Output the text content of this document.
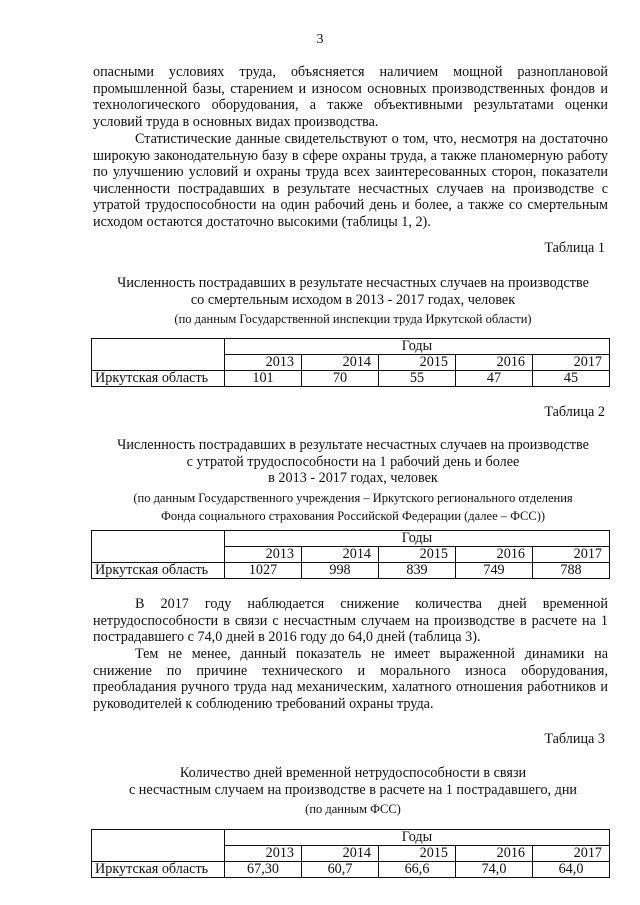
3

опасными условиях труда, объясняется наличием мощной разноплановой промышленной базы, старением и износом основных производственных фондов и технологического оборудования, а также объективными результатами оценки условий труда в основных видах производства.

Статистические данные свидетельствуют о том, что, несмотря на достаточно широкую законодательную базу в сфере охраны труда, а также планомерную работу по улучшению условий и охраны труда всех заинтересованных сторон, показатели численности пострадавших в результате несчастных случаев на производстве с утратой трудоспособности на один рабочий день и более, а также со смертельным исходом остаются достаточно высокими (таблицы 1, 2).

Таблица 1
Численность пострадавших в результате несчастных случаев на производстве
со смертельным исходом в 2013 - 2017 годах, человек
(по данным Государственной инспекции труда Иркутской области)
	Годы				
	2013	2014	2015	2016	2017
Иркутская область	101	70	55	47	45
Таблица 2
Численность пострадавших в результате несчастных случаев на производстве
с утратой трудоспособности на 1 рабочий день и более
в 2013 - 2017 годах, человек
(по данным Государственного учреждения – Иркутского регионального отделения
Фонда социального страхования Российской Федерации (далее – ФСС))
	Годы				
	2013	2014	2015	2016	2017
Иркутская область	1027	998	839	749	788

В 2017 году наблюдается снижение количества дней временной нетрудоспособности в связи с несчастным случаем на производстве в расчете на 1 пострадавшего с 74,0 дней в 2016 году до 64,0 дней (таблица 3).

Тем не менее, данный показатель не имеет выраженной динамики на снижение по причине технического и морального износа оборудования, преобладания ручного труда над механическим, халатного отношения работников и руководителей к соблюдению требований охраны труда.

Таблица 3
Количество дней временной нетрудоспособности в связи
с несчастным случаем на производстве в расчете на 1 пострадавшего, дни
(по данным ФСС)
	Годы				
	2013	2014	2015	2016	2017
Иркутская область	67,30	60,7	66,6	74,0	64,0
